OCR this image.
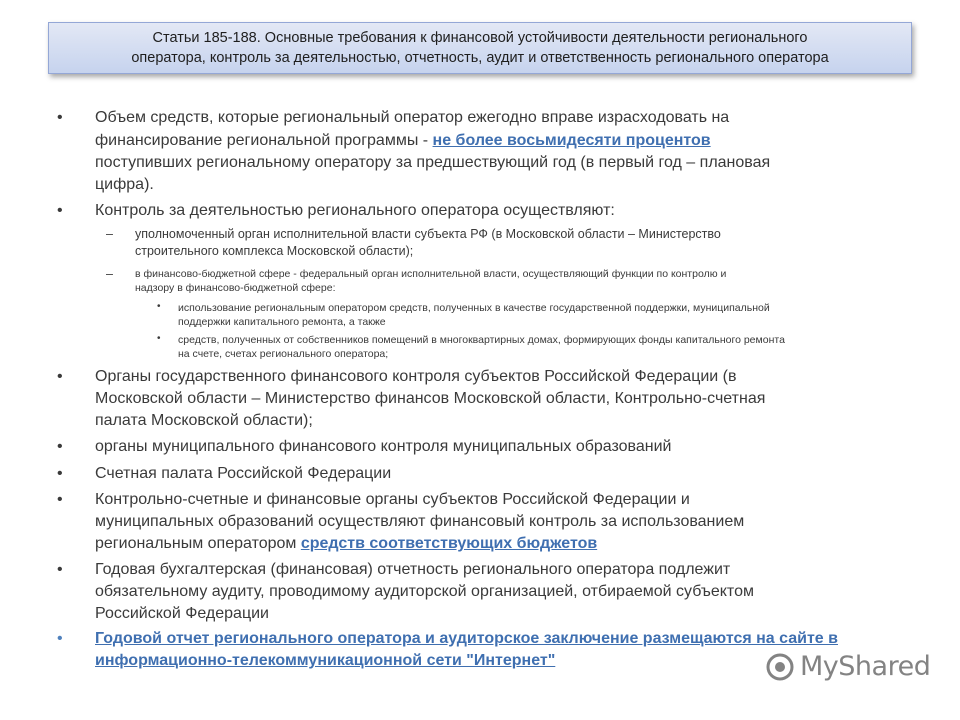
Статьи 185-188. Основные требования к финансовой устойчивости деятельности регионального
оператора, контроль за деятельностью, отчетность, аудит и ответственность регионального оператора
• Объем средств, которые региональный оператор ежегодно вправе израсходовать на
финансирование региональной программы - не более восьмидесяти процентов
поступивших региональному оператору за предшествующий год (в первый год – плановая
цифра).
• Контроль за деятельностью регионального оператора осуществляют:
– уполномоченный орган исполнительной власти субъекта РФ (в Московской области – Министерство
строительного комплекса Московской области);
– в финансово-бюджетной сфере - федеральный орган исполнительной власти, осуществляющий функции по контролю и
надзору в финансово-бюджетной сфере:
• использование региональным оператором средств, полученных в качестве государственной поддержки, муниципальной
поддержки капитального ремонта, а также
• средств, полученных от собственников помещений в многоквартирных домах, формирующих фонды капитального ремонта
на счете, счетах регионального оператора;
• Органы государственного финансового контроля субъектов Российской Федерации (в
Московской области – Министерство финансов Московской области, Контрольно-счетная
палата Московской области);
• органы муниципального финансового контроля муниципальных образований
• Счетная палата Российской Федерации
• Контрольно-счетные и финансовые органы субъектов Российской Федерации и
муниципальных образований осуществляют финансовый контроль за использованием
региональным оператором средств соответствующих бюджетов
• Годовая бухгалтерская (финансовая) отчетность регионального оператора подлежит
обязательному аудиту, проводимому аудиторской организацией, отбираемой субъектом
Российской Федерации
• Годовой отчет регионального оператора и аудиторское заключение размещаются на сайте в
информационно-телекоммуникационной сети "Интернет"	MyShared
